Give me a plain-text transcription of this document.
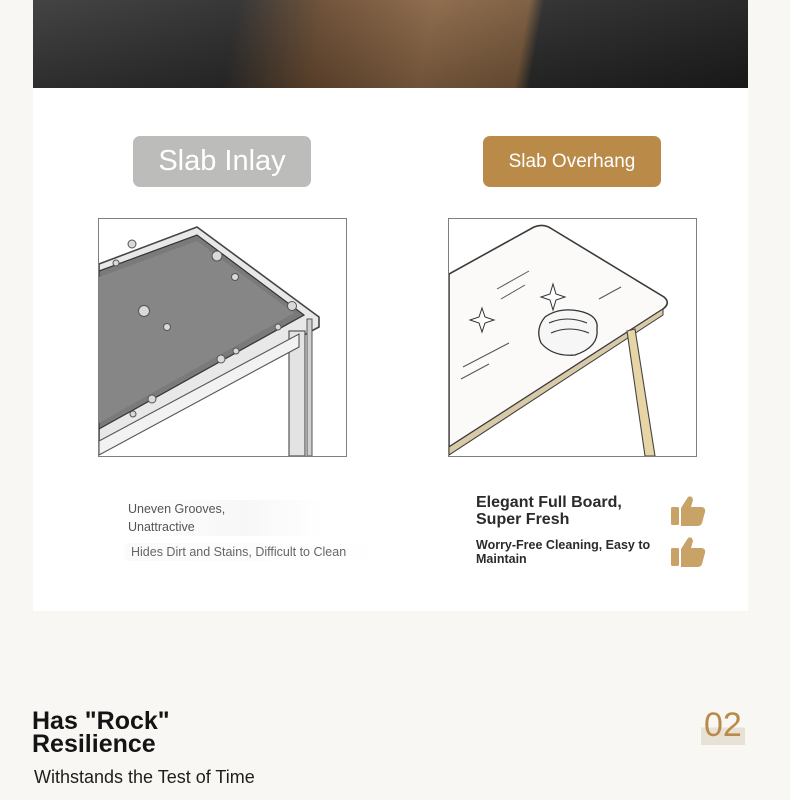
Slab Inlay	Slab Overhang
Uneven Grooves,
Unattractive
Hides Dirt and Stains, Difficult to Clean
Elegant Full Board, Super Fresh
Worry-Free Cleaning, Easy to Maintain
Has "Rock"
Resilience
Withstands the Test of Time
02
